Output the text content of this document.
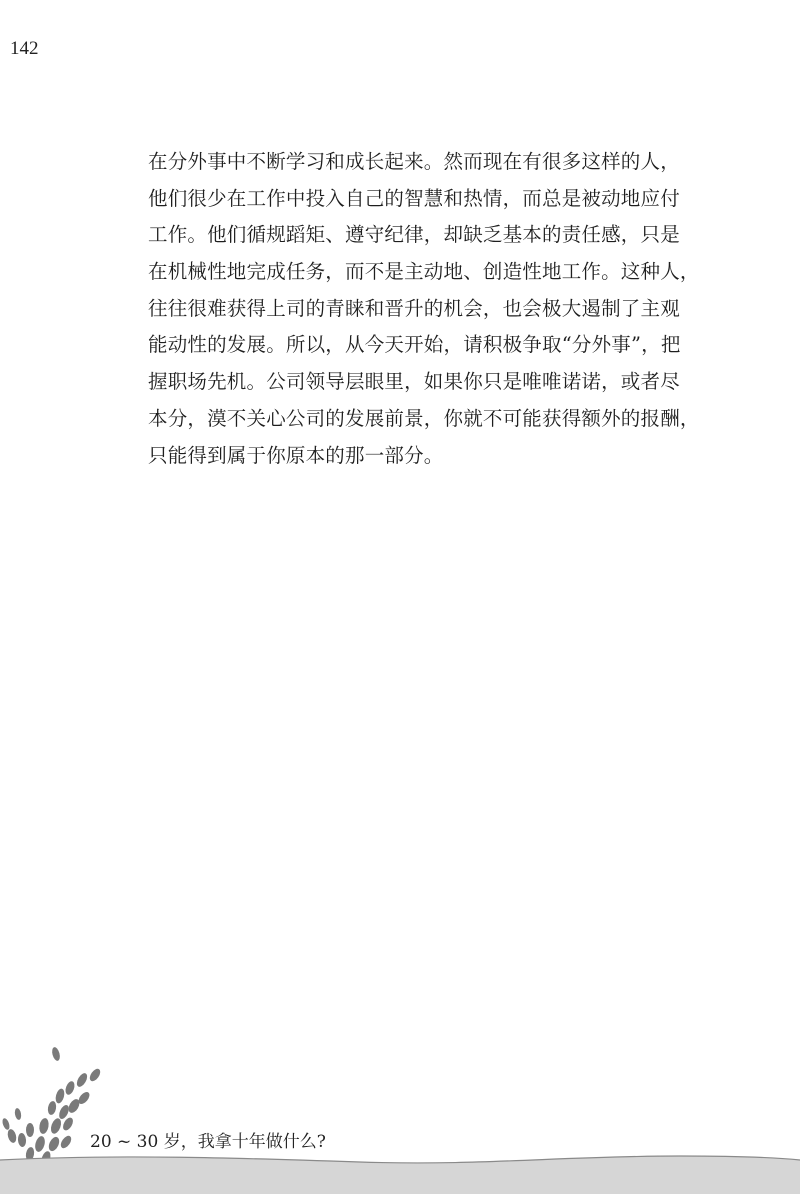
142
在分外事中不断学习和成长起来。然而现在有很多这样的人，
他们很少在工作中投入自己的智慧和热情，而总是被动地应付
工作。他们循规蹈矩、遵守纪律，却缺乏基本的责任感，只是
在机械性地完成任务，而不是主动地、创造性地工作。这种人，
往往很难获得上司的青睐和晋升的机会，也会极大遏制了主观
能动性的发展。所以，从今天开始，请积极争取“分外事”，把
握职场先机。公司领导层眼里，如果你只是唯唯诺诺，或者尽
本分，漠不关心公司的发展前景，你就不可能获得额外的报酬，
只能得到属于你原本的那一部分。
20 ~ 30 岁，我拿十年做什么?
